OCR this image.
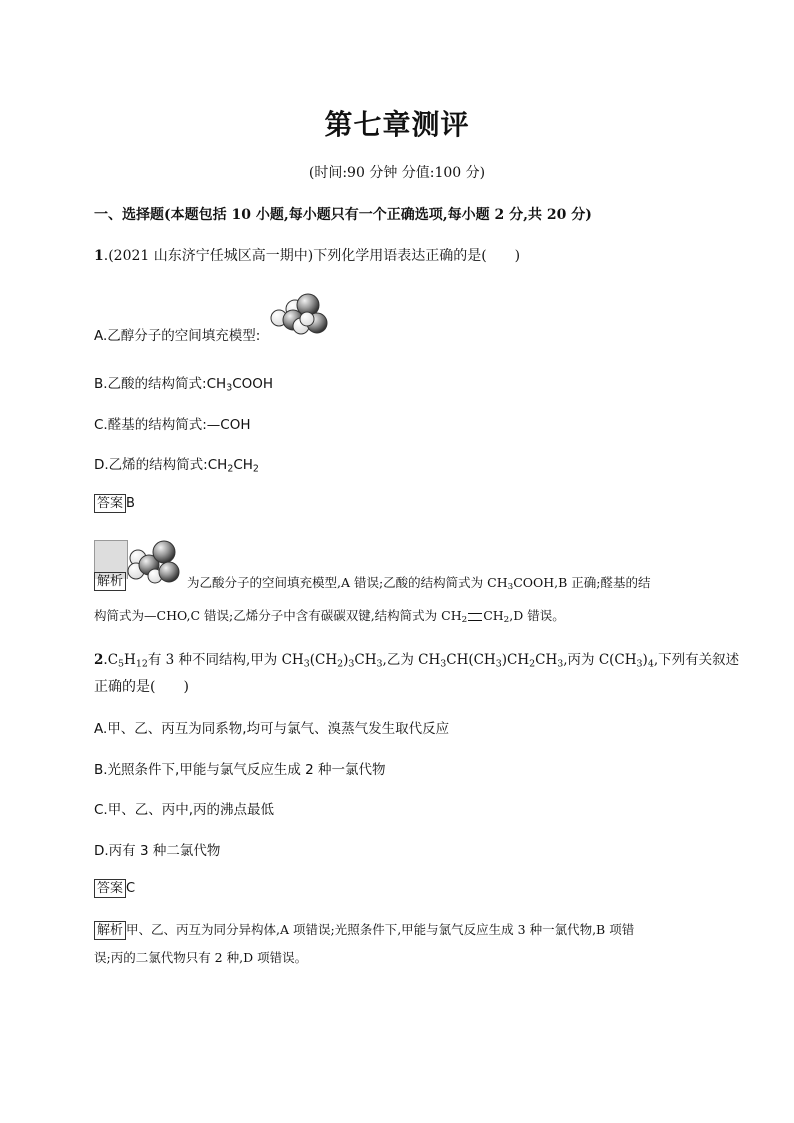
第七章测评
(时间:90 分钟 分值:100 分)
一、选择题(本题包括 10 小题,每小题只有一个正确选项,每小题 2 分,共 20 分)
1.(2021 山东济宁任城区高一期中)下列化学用语表达正确的是(　　)
A.乙醇分子的空间填充模型:
B.乙酸的结构简式$:CH_3COOH$
C.醛基的结构简式:—COH
D.乙烯的结构简式$:CH_2CH_2$
答案 B
解析	为乙酸分子的空间填充模型,A 错误;乙酸的结构简式为 $CH_3COOH,B$ 正确;醛基的结
构简式为—CHO,C 错误;乙烯分子中含有碳碳双键,结构简式为 $CH_2$ $CH_2,D$ 错误。
$2.C_5H_{12}$有 3 种不同结构,甲为 $CH_3(CH_2)_3CH_3$,乙为 $CH_3CH(CH_3)CH_2CH_3$,丙为 $C(CH_3)_4$,下列有关叙述
正确的是(　　)
A.甲、乙、丙互为同系物,均可与氯气、溴蒸气发生取代反应
B.光照条件下,甲能与氯气反应生成 2 种一氯代物
C.甲、乙、丙中,丙的沸点最低
D.丙有 3 种二氯代物
答案 C
解析 甲、乙、丙互为同分异构体,A 项错误;光照条件下,甲能与氯气反应生成 3 种一氯代物,B 项错
误;丙的二氯代物只有 2 种,D 项错误。
